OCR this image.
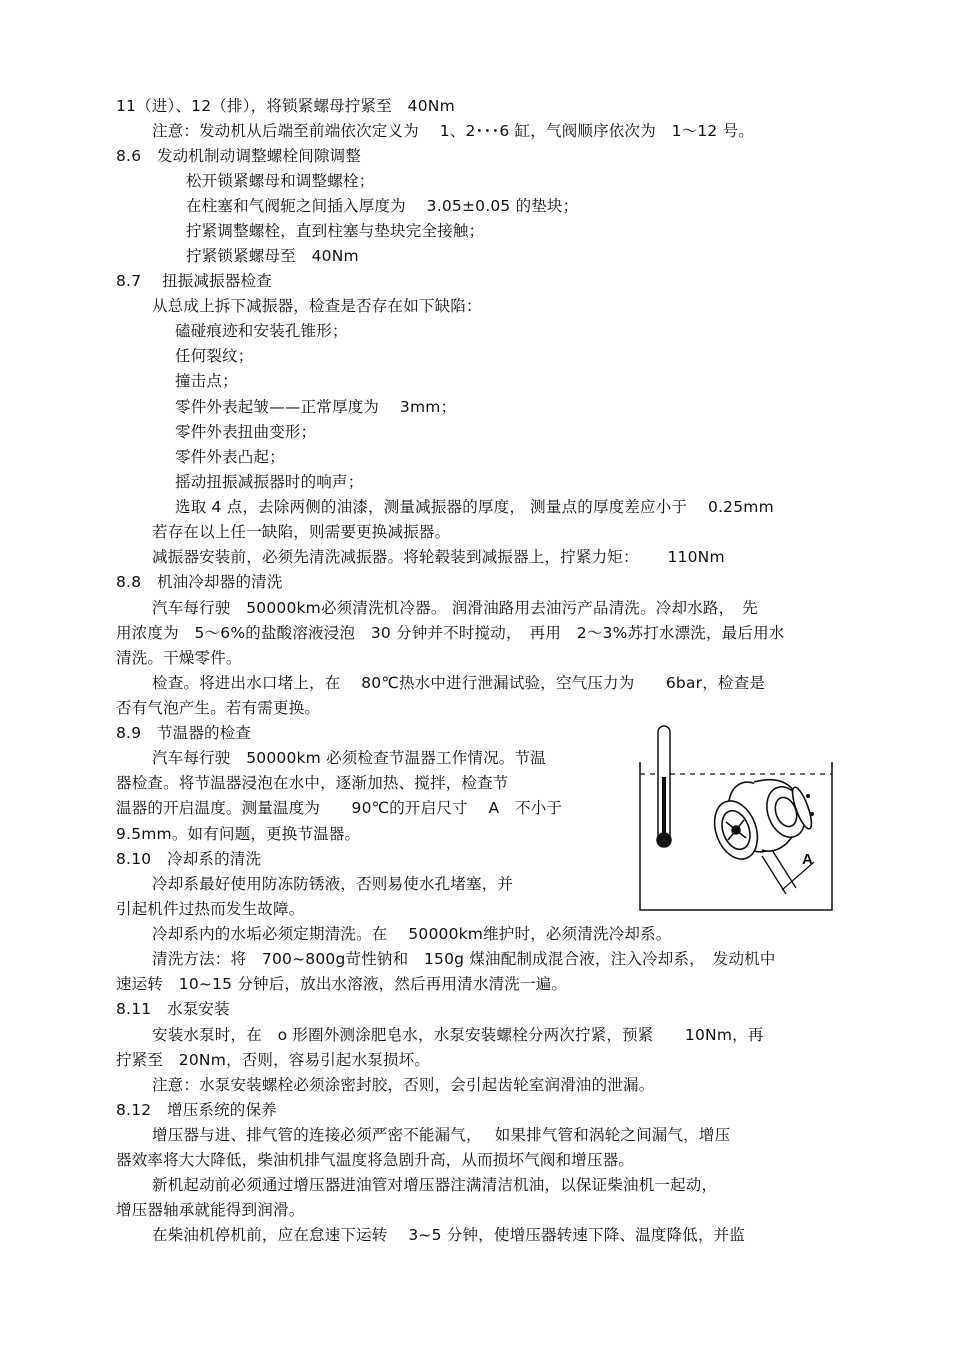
11（进）、12（排），将锁紧螺母拧紧至　40Nm
注意：发动机从后端至前端依次定义为　 1、2･･･6 缸，气阀顺序依次为　1～12 号。
8.6　发动机制动调整螺栓间隙调整
松开锁紧螺母和调整螺栓；
在柱塞和气阀轭之间插入厚度为　 3.05±0.05 的垫块；
拧紧调整螺栓，直到柱塞与垫块完全接触；
拧紧锁紧螺母至　40Nm
8.7　 扭振减振器检查
从总成上拆下减振器，检查是否存在如下缺陷：
磕碰痕迹和安装孔锥形；
任何裂纹；
撞击点；
零件外表起皱——正常厚度为　 3mm；
零件外表扭曲变形；
零件外表凸起；
摇动扭振减振器时的响声；
选取 4 点，去除两侧的油漆，测量减振器的厚度， 测量点的厚度差应小于　 0.25mm
若存在以上任一缺陷，则需要更换减振器。
减振器安装前，必须先清洗减振器。将轮毂装到减振器上，拧紧力矩：　　 110Nm
8.8　机油冷却器的清洗
汽车每行驶　50000km必须清洗机冷器。 润滑油路用去油污产品清洗。冷却水路，　先
用浓度为　5～6%的盐酸溶液浸泡　30 分钟并不时搅动，　再用　2～3%苏打水漂洗，最后用水
清洗。干燥零件。
检查。将进出水口堵上，在　 80℃热水中进行泄漏试验，空气压力为　　6bar，检查是
否有气泡产生。若有需更换。
8.9　节温器的检查
汽车每行驶　50000km 必须检查节温器工作情况。节温
器检查。将节温器浸泡在水中，逐渐加热、搅拌，检查节
温器的开启温度。测量温度为　　90℃的开启尺寸　 A　不小于
9.5mm。如有问题，更换节温器。
8.10　冷却系的清洗
冷却系最好使用防冻防锈液，否则易使水孔堵塞，并
引起机件过热而发生故障。
冷却系内的水垢必须定期清洗。在　 50000km维护时，必须清洗冷却系。
清洗方法：将　700~800g苛性钠和　150g 煤油配制成混合液，注入冷却系，　发动机中
速运转　10~15 分钟后，放出水溶液，然后再用清水清洗一遍。
8.11　水泵安装
安装水泵时，在　o 形圈外测涂肥皂水，水泵安装螺栓分两次拧紧，预紧　　10Nm，再
拧紧至　20Nm，否则，容易引起水泵损坏。
注意：水泵安装螺栓必须涂密封胶，否则，会引起齿轮室润滑油的泄漏。
8.12　增压系统的保养
增压器与进、排气管的连接必须严密不能漏气，　 如果排气管和涡轮之间漏气，增压
器效率将大大降低，柴油机排气温度将急剧升高，从而损坏气阀和增压器。
新机起动前必须通过增压器进油管对增压器注满清洁机油，以保证柴油机一起动，
增压器轴承就能得到润滑。
在柴油机停机前，应在怠速下运转　 3~5 分钟，使增压器转速下降、温度降低，并监
A
